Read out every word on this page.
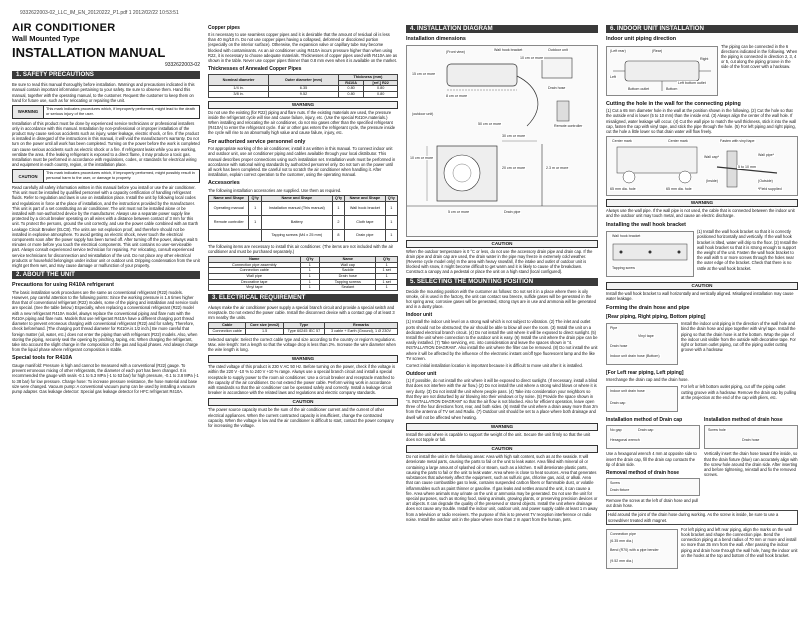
9332622003-02_LLC_IM_EN_20120222_P1.pdf 1 2012/02/22 10:53:51
AIR CONDITIONER
Wall Mounted Type
INSTALLATION MANUAL
9332622003-02
1. SAFETY PRECAUTIONS
Be sure to read this manual thoroughly before installation. Warnings and precautions indicated in this manual contain important information pertaining to your safety. Be sure to observe them. Hand this manual, together with the operating manual, to the customer. Request the customer to keep them on hand for future use, such as for relocating or repairing the unit.
WARNING
This mark indicates procedures which, if improperly performed, might lead to the death or serious injury of the user.
Installation of this product must be done by experienced service technicians or professional installers only in accordance with this manual. Installation by non-professional or improper installation of the product may cause serious accidents such as injury, water leakage, electric shock, or fire. If the product is installed in disregard of the instructions in this manual, it will void the manufacturer's warranty. Do not turn on the power until all work has been completed. Turning on the power before the work is completed can cause serious accidents such as electric shock or a fire. If refrigerant leaks while you are working, ventilate the area. If the leaking refrigerant is exposed to a direct flame, it may produce a toxic gas. Installation must be performed in accordance with regulations, codes, or standards for electrical wiring and equipment in each country, region, or the installation place.
CAUTION
This mark indicates procedures which, if improperly performed, might possibly result in personal harm to the user, or damage to property.
Read carefully all safety information written in this manual before you install or use the air conditioner. This unit must be installed by qualified personnel with a capacity certification of handling refrigerant fluids. Refer to regulation and laws in use on installation place. Install the unit by following local codes and regulations in force at the place of installation, and the instructions provided by the manufacturer. This unit is part of a set constituting an air conditioner. The unit must not be installed alone or be installed with non-authorized device by the manufacturer. Always use a separate power supply line protected by a circuit breaker operating on all wires with a distance between contact of 3 mm for this unit. To protect the persons, ground the unit correctly, and use the power cable combined with an Earth Leakage Circuit Breaker (ELCB). The units are not explosion proof, and therefore should not be installed in explosive atmosphere. To avoid getting an electric shock, never touch the electrical components soon after the power supply has been turned off. After turning off the power, always wait 5 minutes or more before you touch the electrical components. This unit contains no user-serviceable part. Always consult experienced service technician for repairing. For relocating, consult experienced service technicians for disconnection and reinstallation of the unit. Do not place any other electrical products or household belongings under indoor unit or outdoor unit. Dripping condensation from the unit might get them wet, and may cause damage or malfunction of your property.
2. ABOUT THE UNIT
Precautions for using R410A refrigerant
The basic installation work procedures are the same as conventional refrigerant (R22) models. However, pay careful attention to the following points: Since the working pressure is 1.6 times higher than that of conventional refrigerant (R22) models, some of the piping and installation and service tools are special. (See the table below.) Especially, when replacing a conventional refrigerant (R22) model with a new refrigerant R410A model, always replace the conventional piping and flare nuts with the R410A piping and flare nuts. Models that use refrigerant R410A have a different charging port thread diameter to prevent erroneous charging with conventional refrigerant (R22) and for safety. Therefore, check beforehand. [The charging port thread diameter for R410A is 1/2 inch.] Be more careful that foreign matter (oil, water, etc.) does not enter the piping than with refrigerant (R22) models. Also, when storing the piping, securely seal the opening by pinching, taping, etc. When charging the refrigerant, take into account the slight change in the composition of the gas and liquid phases. And always charge from the liquid phase where refrigerant composition is stable.
Special tools for R410A
Gauge manifold: Pressure is high and cannot be measured with a conventional (R22) gauge. To prevent erroneous mixing of other refrigerants, the diameter of each port has been changed. It is recommended the gauge with seals -0.1 to 5.3 MPa (-1 to 53 bar) for high pressure, -0.1 to 3.8 MPa (-1 to 38 bar) for low pressure. Charge hose: To increase pressure resistance, the hose material and base size were changed. Vacuum pump: A conventional vacuum pump can be used by installing a vacuum pump adapter. Gas leakage detector: Special gas leakage detector for HFC refrigerant R410A.
Copper pipes
It is necessary to use seamless copper pipes and it is desirable that the amount of residual oil is less than 40 mg/10 m. Do not use copper pipes having a collapsed, deformed or discolored portion (especially on the interior surface). Otherwise, the expansion valve or capillary tube may become blocked with contaminants. As an air conditioner using R410A incurs pressure higher than when using R22, it is necessary to choose adequate materials. Thicknesses of copper pipes used with R410A are as shown in the table. Never use copper pipes thinner than 0.8 mm even when it is available on the market.
Thicknesses of Annealed Copper Pipes
Nominal diameter	Outer diameter (mm)	Thickness (mm)	
		R410A	[ref.] R22
1/4 in.	6.35	0.80	0.80
3/8 in.	9.52	0.80	0.80
WARNING
Do not use the existing (for R22) piping and flare nuts. If the existing materials are used, the pressure inside the refrigerant cycle will rise and cause failure, injury, etc. (Use the special R410A materials.) When installing and relocating the air conditioner, do not mix gases other than the specified refrigerant (R410A) to enter the refrigerant cycle. If air or other gas enters the refrigerant cycle, the pressure inside the cycle will rise to an abnormally high value and cause failure, injury, etc.
For authorized service personnel only
For appropriate working of the air conditioner, install it as written in this manual. To connect indoor unit and outdoor unit, use air conditioner piping and cables available through your local distributor. This manual describes proper connections using such installation set. Installation work must be performed in accordance with national wiring standards by authorized personnel only. Do not turn on the power until all work has been completed. Be careful not to scratch the air conditioner when handling it. After installation, explain correct operation to the customer, using the operating manual.
Accessories
The following installation accessories are supplied. Use them as required.
Name and Shape	Q'ty	Name and Shape	Q'ty	Name and Shape	Q'ty
Operating manual	1	Installation manual (This manual)	1	Wall hook bracket	1
Remote controller	1	Battery	2	Cloth tape	1
		Tapping screws (M4 x 25 mm)	8	Drain pipe	1
The following items are necessary to install this air conditioner. (The items are not included with the air conditioner and must be purchased separately.)
Name	Q'ty	Name	Q'ty
Connection pipe assembly	1	Wall cap	1
Connection cable	1	Saddle	1 set
Wall pipe	1	Drain hose	1
Decorative tape	1	Tapping screws	1 set
Vinyl tape	1	Sealant	1
3. ELECTRICAL REQUIREMENT
Always make the air conditioner power supply a special branch circuit and provide a special switch and receptacle. Do not extend the power cable. Install the disconnect device with a contact gap of at least 3 mm nearby the units.
Cable	Core size (mm2)	Type	Remarks
Connection cable	1.5	Type 60245 IEC 57	3 cable + Earth (Ground), 1 Ø 230V
Selected sample: Select the correct cable type and size according to the country or region's regulations. Max. wire length: Set a length so that the voltage drop is less than 2%. Increase the wire diameter when the wire length is long.
WARNING
The rated voltage of this product is 230 V AC 50 Hz. Before turning on the power, check if the voltage is within the 220 V -10 % to 240 V +10 % range. Always use a special branch circuit and install a special receptacle to supply power to the room air conditioner. Use a circuit breaker and receptacle matched to the capacity of the air conditioner. Do not extend the power cable. Perform wiring work in accordance with standards so that the air conditioner can be operated safely and correctly. Install a leakage circuit breaker in accordance with the related laws and regulations and electric company standards.
CAUTION
The power source capacity must be the sum of the air conditioner current and the current of other electrical appliances. When the current contracted capacity is insufficient, change the contracted capacity. When the voltage is low and the air conditioner is difficult to start, contact the power company for increasing the voltage.
4. INSTALLATION DIAGRAM
Installation dimensions
(Front view)
8 cm or more
15 cm or more
10 cm or more
Wall hook bracket	Outdoor unit
Drain hose
Remote controller
(outdoor unit)
50 cm or more
30 cm or more
10 cm or more
20 cm or more	2.3 m or more
5 cm or more	Drain pipe
CAUTION
When the outdoor temperature is 0 °C or less, do not use the accessory drain pipe and drain cap. If the drain pipe and drain cap are used, the drain water in the pipe may freeze in extremely cold weather. (Reverse cycle model only) In the area with heavy snowfall, if the intake and outlet of outdoor unit is blocked with snow, it might become difficult to get warm and it is likely to cause of the breakdown. Construct a canopy and a pedestal or place the unit on a high stand (local configured).
5. SELECTING THE MOUNTING POSITION
Decide the mounting position with the customer as follows: Do not set it in a place where there is oily smoke, oil is used in the factory, the unit can contact sea breeze, sulfide gases will be generated in the hot spring area; corrosive gases will be generated, strong rays are in use and ammonia will be generated and in a dusty place.
Indoor unit
(1) Install the indoor unit level on a strong wall which is not subject to vibration. (2) The inlet and outlet ports should not be obstructed; the air should be able to blow all over the room. (3) Install the unit on a dedicated electrical branch circuit. (4) Do not install the unit where it will be exposed to direct sunlight. (5) Install the unit where connection to the outdoor unit is easy. (6) Install the unit where the drain pipe can be easily installed. (7) Take servicing, etc. into consideration and leave the spaces shown in "4. INSTALLATION DIAGRAM". Also install the unit where the filter can be removed. (8) Do not install the unit where it will be affected by the influence of the electronic instant on/off type fluorescent lamp and the like TV screen.
Correct initial installation location is important because it is difficult to move unit after it is installed.
Outdoor unit
(1) If possible, do not install the unit where it will be exposed to direct sunlight. (If necessary, install a blind that does not interfere with the air flow.) (2) Do not install the unit where a strong wind blows or where it is very dusty. (3) Do not install the unit where people pass. (4) Take into consideration your neighbors so that they are not disturbed by air blowing into their windows or by noise. (5) Provide the space shown in "4. INSTALLATION DIAGRAM" so that the air flow is not blocked. Also for efficient operation, leave open three of the four directions front, rear, and both sides. (6) Install the unit where a drain away more than 2m from the antenna of TV set and Radio. (7) Outdoor unit should be set to a place where both drainage and dwell will not be affected when heating.
WARNING
Install the unit where is capable to support the weight of the unit. Secure the unit firmly so that the unit does not topple or fall.
CAUTION
Do not install the unit in the following areas: Area with high salt content, such as at the seaside. It will deteriorate metal parts, causing the parts to fail or the unit to leak water. Area filled with mineral oil or containing a large amount of splashed oil or steam, such as a kitchen. It will deteriorate plastic parts, causing the parts to fail or the unit to leak water. Area where is close to heat sources. Area that generates substances that adversely affect the equipment, such as sulfuric gas, chlorine gas, acid, or alkali. Area that can cause combustible gas to leak, contains suspended carbon fibers or flammable dust, or volatile inflammables such as paint thinner or gasoline. If gas leaks and settles around the unit, it can cause a fire. Area where animals may urinate on the unit or ammonia may be generated. Do not use the unit for special purposes, such as storing food, raising animals, growing plants, or preserving precision devices or art objects. It can degrade the quality of the preserved or stored objects. Install the unit where drainage does not cause any trouble. Install the indoor unit, outdoor unit, and power supply cable at least 1 m away from a television or radio receivers. The purpose of this is to prevent TV reception interference or radio noise. Install the outdoor unit in the place where more than 2 m apart from the human, pets.
6. INDOOR UNIT INSTALLATION
Indoor unit piping direction
(Rear)
(Left rear)
Right
Bottom
Left
Bottom outlet
Left bottom outlet
The piping can be connected in the 6 directions indicated in the following. When the piping is connected in direction 2, 3, 4 or 5, cut along the piping groove in the side of the front cover with a hacksaw.
Cutting the hole in the wall for the connecting piping
(1) Cut a 65 mm diameter hole in the wall at the position shown in the following. (2) Cut the hole so that the outside end is lower (5 to 10 mm) than the inside end. (3) Always align the center of the wall hole. If misaligned, water leakage will occur. (4) Cut the wall pipe to match the wall thickness, stick it into the wall cap, fasten the cap with vinyl tape, and stick the pipe through the hole. (5) For left piping and right piping, cut the hole a little lower so that drain water will flow freely.
Center mark	Center mark
65 mm dia. hole	65 mm dia. hole
Fasten with vinyl tape
Wall pipe*
Wall cap*
(Inside)	(Outside)
*Field supplied
5 to 10 mm
WARNING
Always use the wall pipe. If the wall pipe is not used, the cable that is connected between the indoor unit and the outdoor unit may touch metal, and cause an electric discharge.
Installing the wall hook bracket
Wall hook bracket
Tapping screw
(1) Install the wall hook bracket so that it is correctly positioned horizontally and vertically. If the wall hook bracket is tilted, water will drip to the floor. (2) Install the wall hook bracket so that it is strong enough to support the weight of the unit. Fasten the wall hook bracket to the wall with 5 or more screws through the holes near the outer edge of the bracket. Check that there is no rattle at the wall hook bracket.
CAUTION
Install the wall hook bracket to wall horizontally and vertically aligned. Misaligned installation may cause water leakage.
Forming the drain hose and pipe
[Rear piping, Right piping, Bottom piping]
Pipe
Vinyl tape
Drain hose
Indoor unit drain hose (Bottom)
Install the indoor unit piping in the direction of the wall hole and bind the drain hose and pipe together with vinyl tape. Install the piping so that the drain hose is at the bottom. Wrap the pipe of the indoor unit visible from the outside with decorative tape. For right or bottom outlet piping, cut off the piping outlet cutting groove with a hacksaw.
[For Left rear piping, Left piping]
Interchange the drain cap and the drain hose.
Indoor unit drain hose
Drain cap
For left or left bottom outlet piping, cut off the piping outlet cutting groove with a hacksaw. Remove the drain cap by pulling at the projection at the end of the cap with pliers, etc.
Installation method of Drain cap
No gap	Drain cap
Hexagonal wrench
Use a hexagonal wrench 4 mm at opposite side to insert the drain cap, fill the drain cap contacts the tip of drain side.
Removal method of drain hose
Screw
Drain fixture
Remove the screw at the left of drain hose and pull out drain hose.
Installation method of drain hose
Screw hole
Drain hose
Vertically insert the drain hose toward the inside, so that the drain fixture (blue) can accurately align with the screw hole around the drain side. After inserting and before tightening, reinstall and fix the removed screws.
Hold around the joint of the drain hose during working. As the screw is inside, be sure to use a screwdriver treated with magnet.
Connection pipe
(6.35 mm dia.)
Bend (R70) with a pipe bender
(9.52 mm dia.)
For left piping and left rear piping, align the marks on the wall hook bracket and shape the connection pipe. Bend the connection piping at a bend radius of 70 mm or more and install no more than 35 mm from the wall. After passing the indoor piping and drain hose through the wall hole, hang the indoor unit on the hooks at the top and bottom of the wall hook bracket.
